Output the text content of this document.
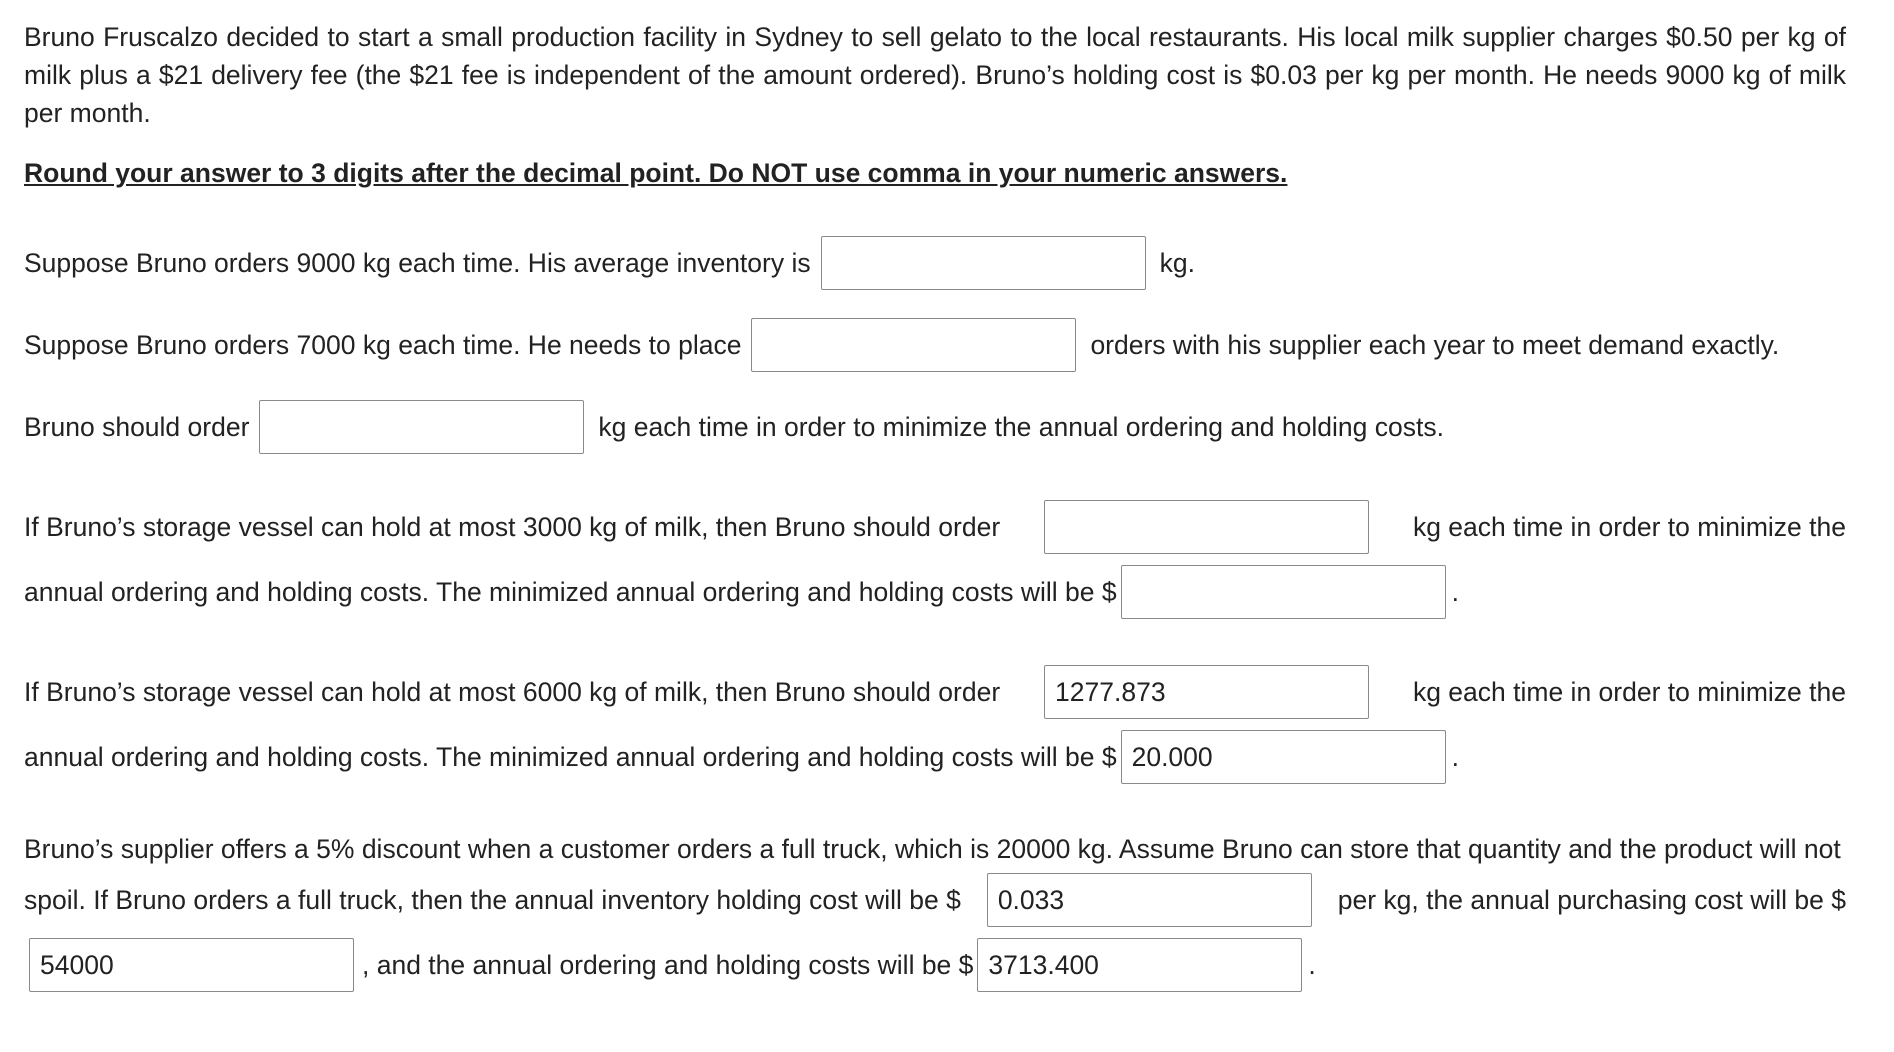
Bruno Fruscalzo decided to start a small production facility in Sydney to sell gelato to the local restaurants. His local milk supplier charges $0.50 per kg of milk plus a $21 delivery fee (the $21 fee is independent of the amount ordered). Bruno’s holding cost is $0.03 per kg per month. He needs 9000 kg of milk per month.
Round your answer to 3 digits after the decimal point. Do NOT use comma in your numeric answers.
Suppose Bruno orders 9000 kg each time. His average inventory is	kg.
Suppose Bruno orders 7000 kg each time. He needs to place	orders with his supplier each year to meet demand exactly.
Bruno should order	kg each time in order to minimize the annual ordering and holding costs.
If Bruno’s storage vessel can hold at most 3000 kg of milk, then Bruno should order	kg each time in order to minimize the
annual ordering and holding costs. The minimized annual ordering and holding costs will be $	.
If Bruno’s storage vessel can hold at most 6000 kg of milk, then Bruno should order
1277.873	kg each time in order to minimize the
annual ordering and holding costs. The minimized annual ordering and holding costs will be $20.000	.
Bruno’s supplier offers a 5% discount when a customer orders a full truck, which is 20000 kg. Assume Bruno can store that quantity and the product will not
spoil. If Bruno orders a full truck, then the annual inventory holding cost will be $
0.033	per kg, the annual purchasing cost will be $
54000, and the annual ordering and holding costs will be $3713.400	.
